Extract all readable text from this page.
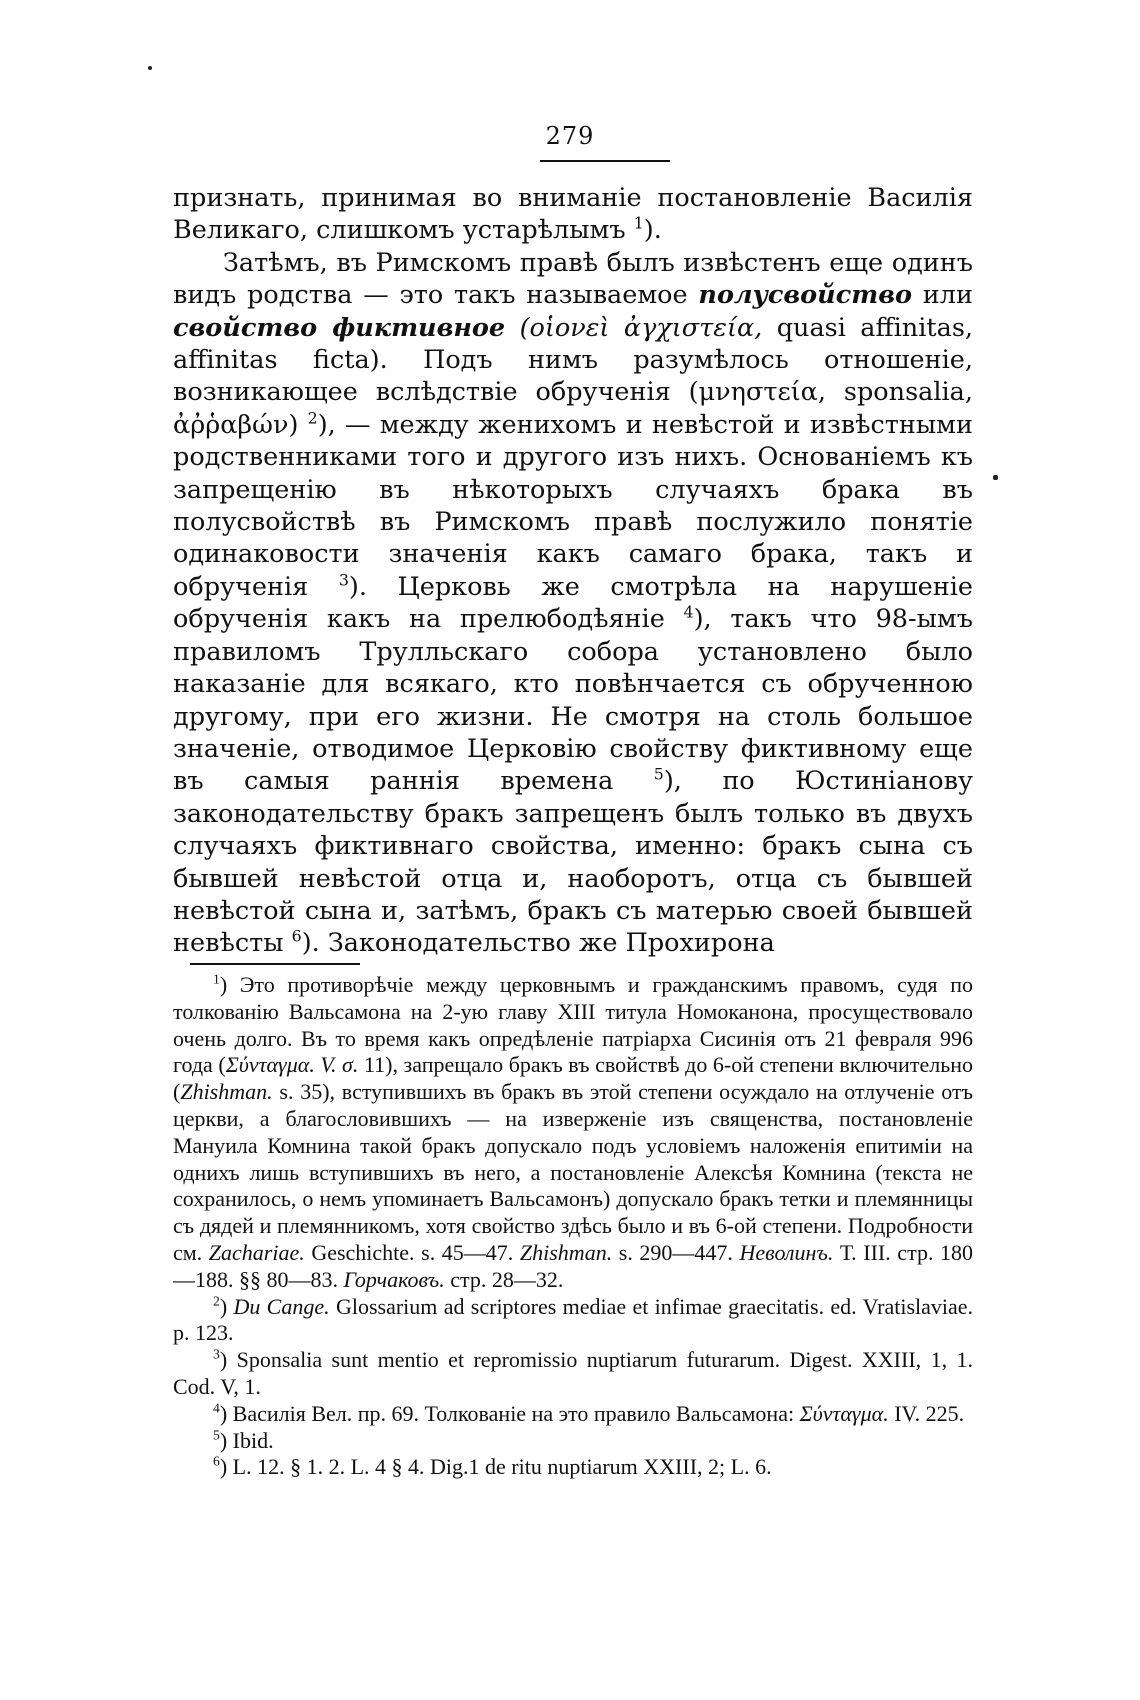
279

признать, принимая во вниманіе постановленіе Василія Великаго, слишкомъ устарѣлымъ $^1$).

Затѣмъ, въ Римскомъ правѣ былъ извѣстенъ еще одинъ видъ родства — это такъ называемое полусвойство или свойство фиктивное (οἱονεὶ ἀγχιστεία, quasi affinitas, affinitas ficta). Подъ нимъ разумѣлось отношеніе, возникающее вслѣдствіе обрученія (μνηστεία, sponsalia, ἀῤῥαβών) $^2$), — между женихомъ и невѣстой и извѣстными родственниками того и другого изъ нихъ. Основаніемъ къ запрещенію въ нѣкоторыхъ случаяхъ брака въ полусвойствѣ въ Римскомъ правѣ послужило понятіе одинаковости значенія какъ самаго брака, такъ и обрученія $^3$). Церковь же смотрѣла на нарушеніе обрученія какъ на прелюбодѣяніе $^4$), такъ что 98-ымъ правиломъ Трулльскаго собора установлено было наказаніе для всякаго, кто повѣнчается съ обрученною другому, при его жизни. Не смотря на столь большое значеніе, отводимое Церковію свойству фиктивному еще въ самыя раннія времена	$^5$), по Юстиніанову законодательству бракъ запрещенъ былъ только въ двухъ случаяхъ фиктивнаго свойства, именно: бракъ сына съ бывшей невѣстой отца и, наоборотъ, отца съ бывшей невѣстой сына и, затѣмъ, бракъ съ матерью своей бывшей невѣсты $^6$). Законодательство же Прохирона

$^1$) Это противорѣчіе между церковнымъ и гражданскимъ правомъ, судя по толкованію Вальсамона на 2-ую главу XIII титула Номоканона, просуществовало очень долго. Въ то время какъ опредѣленіе патріарха Сисинія отъ 21 февраля 996 года (Σύνταγμα. V. σ. 11), запрещало бракъ въ свойствѣ до 6-ой степени включительно (Zhishman. s. 35), вступившихъ въ бракъ въ этой степени осуждало на отлученіе отъ церкви, а благословившихъ — на изверженіе изъ священства, постановленіе Мануила Комнина такой бракъ допускало подъ условіемъ наложенія епитиміи на однихъ лишь вступившихъ въ него, а постановленіе Алексѣя Комнина (текста не сохранилось, о немъ упоминаетъ Вальсамонъ) допускало бракъ тетки и племянницы съ дядей и племянникомъ, хотя свойство здѣсь было и въ 6-ой степени. Подробности см. Zachariae. Geschichte. s. 45—47. Zhishman. s. 290—447. Неволинъ. Т. III. стр. 180—188. §§ 80—83. Горчаковъ. стр. 28—32.

$^2$) Du Cange. Glossarium ad scriptores mediae et infimae graecitatis. ed. Vratislaviae. p. 123.

$^3$) Sponsalia sunt mentio et repromissio nuptiarum futurarum. Digest. XXIII, 1, 1. Cod. V, 1.

$^4$) Василія Вел. пр. 69. Толкованіе на это правило Вальсамона: Σύνταγμα. IV. 225.

$^5$) Ibid.

$^6$) L. 12. § 1. 2. L. 4 § 4. Dig.1 de ritu nuptiarum XXIII, 2; L. 6.
